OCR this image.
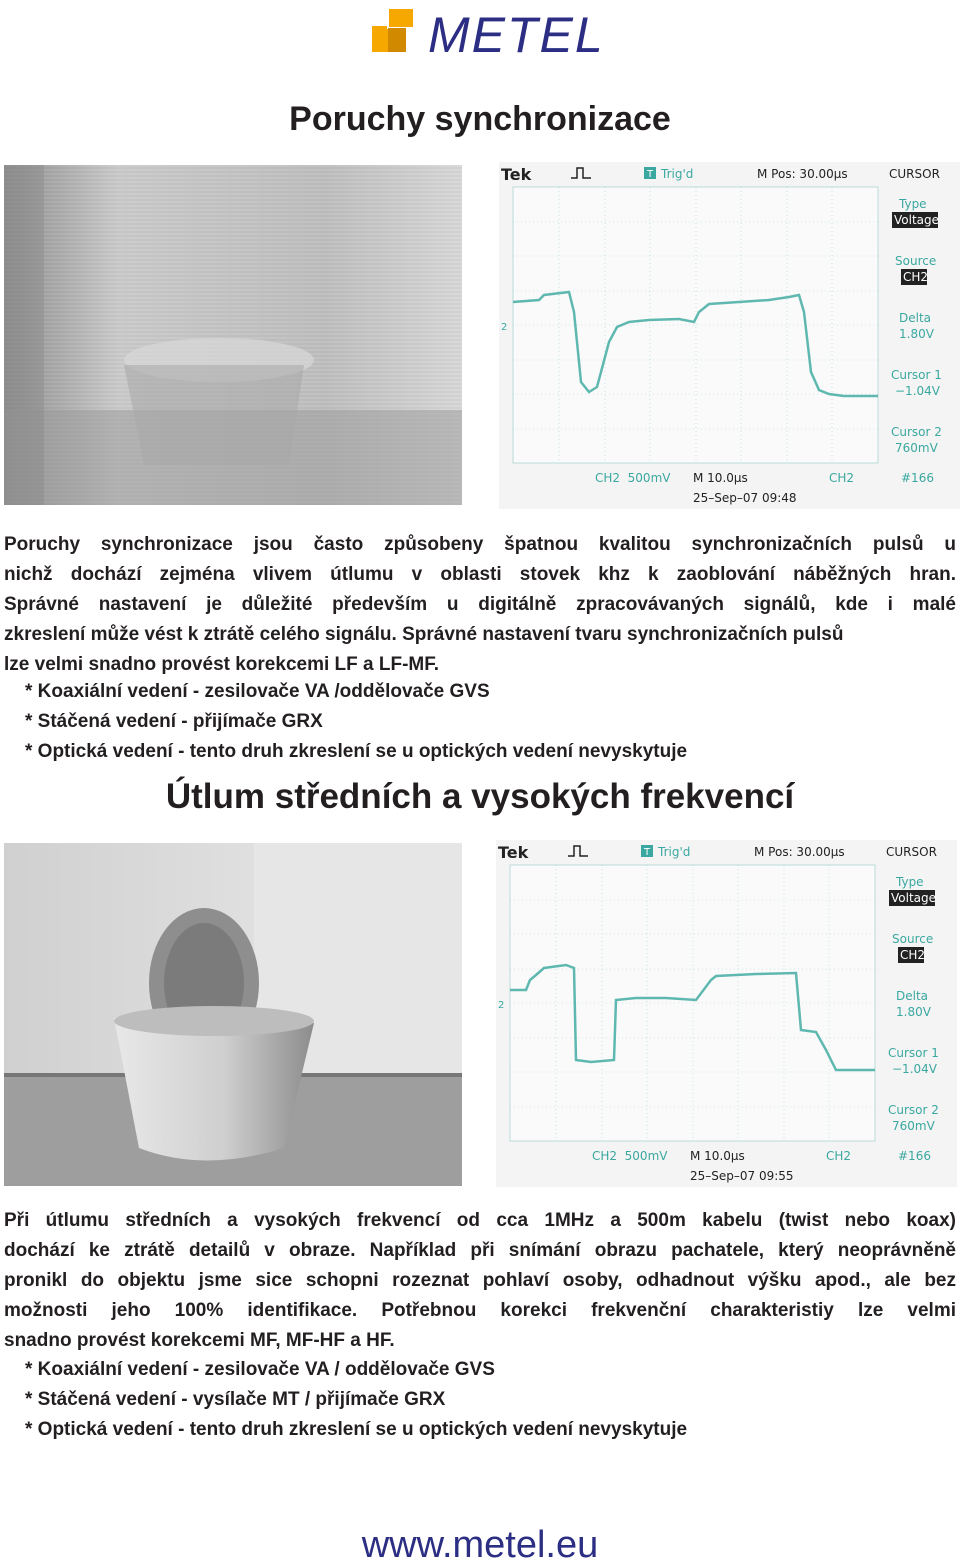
METEL
Poruchy synchronizace
Tek	T Trig'd	M Pos: 30.00µs	CURSOR
2
Type
Voltage
Source
CH2
Delta
1.80V
Cursor 1
−1.04V
Cursor 2
760mV
CH2  500mV M 10.0µs	CH2	#166
25–Sep–07 09:48
Poruchy synchronizace jsou často způsobeny špatnou kvalitou synchronizačních pulsů u
nichž dochází zejména vlivem útlumu v oblasti stovek khz k zaoblování náběžných hran.
Správné nastavení je důležité především u digitálně zpracovávaných signálů, kde i malé
zkreslení může vést k ztrátě celého signálu. Správné nastavení tvaru synchronizačních pulsů
lze velmi snadno provést korekcemi LF a LF-MF.
* Koaxiální vedení - zesilovače VA /oddělovače GVS
* Stáčená vedení - přijímače GRX
* Optická vedení - tento druh zkreslení se u optických vedení nevyskytuje
Útlum středních a vysokých frekvencí
Tek	T Trig'd	M Pos: 30.00µs	CURSOR
2
Type
Voltage
Source
CH2
Delta
1.80V
Cursor 1
−1.04V
Cursor 2
760mV
CH2  500mV M 10.0µs	CH2	#166
25–Sep–07 09:55
Při útlumu středních a vysokých frekvencí od cca 1MHz a 500m kabelu (twist nebo koax)
dochází ke ztrátě detailů v obraze. Například při snímání obrazu pachatele, který neoprávněně
pronikl do objektu jsme sice schopni rozeznat pohlaví osoby, odhadnout výšku apod., ale bez
možnosti jeho 100% identifikace. Potřebnou korekci frekvenční charakteristiy lze velmi
snadno provést korekcemi MF, MF-HF a HF.
* Koaxiální vedení - zesilovače VA / oddělovače GVS
* Stáčená vedení - vysílače MT / přijímače GRX
* Optická vedení - tento druh zkreslení se u optických vedení nevyskytuje
www.metel.eu
